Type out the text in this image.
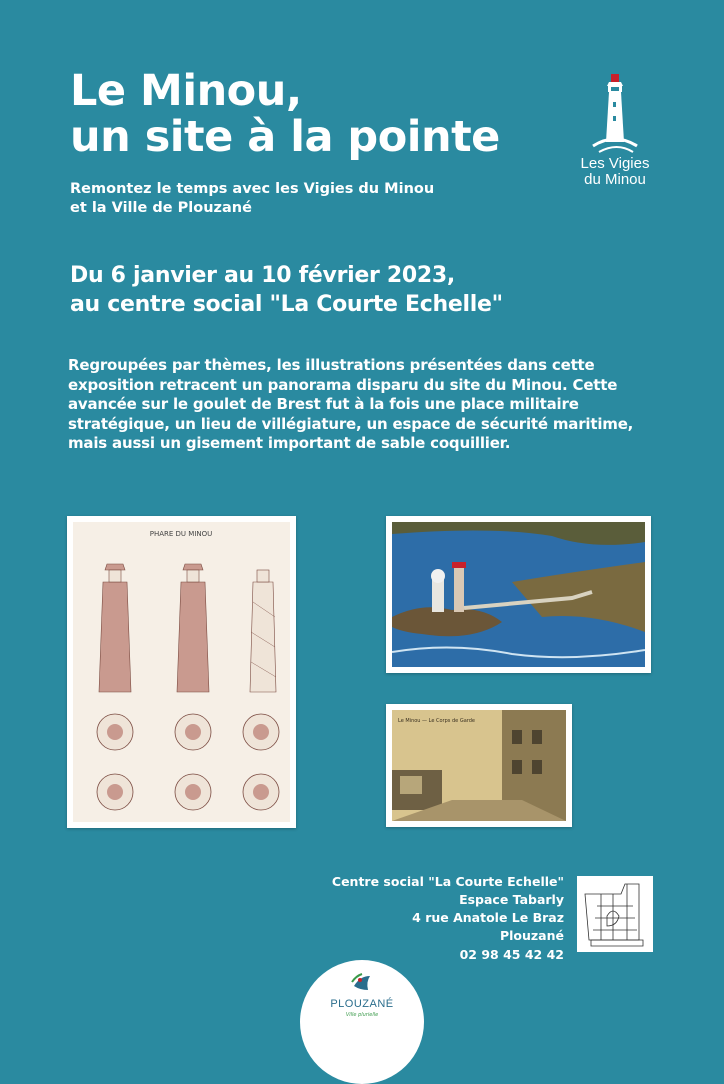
Le Minou,
un site à la pointe
Remontez le temps avec les Vigies du Minou
et la Ville de Plouzané
Du 6 janvier au 10 février 2023,
au centre social "La Courte Echelle"
Regroupées par thèmes, les illustrations présentées dans cette
exposition retracent un panorama disparu du site du Minou. Cette
avancée sur le goulet de Brest fut à la fois une place militaire
stratégique, un lieu de villégiature, un espace de sécurité maritime,
mais aussi un gisement important de sable coquillier.
Les Vigies
du Minou
PHARE DU MINOU
Le Minou — Le Corps de Garde
Centre social "La Courte Echelle"
Espace Tabarly
4 rue Anatole Le Braz
Plouzané
02 98 45 42 42
PLOUZANÉ
Ville plurielle
